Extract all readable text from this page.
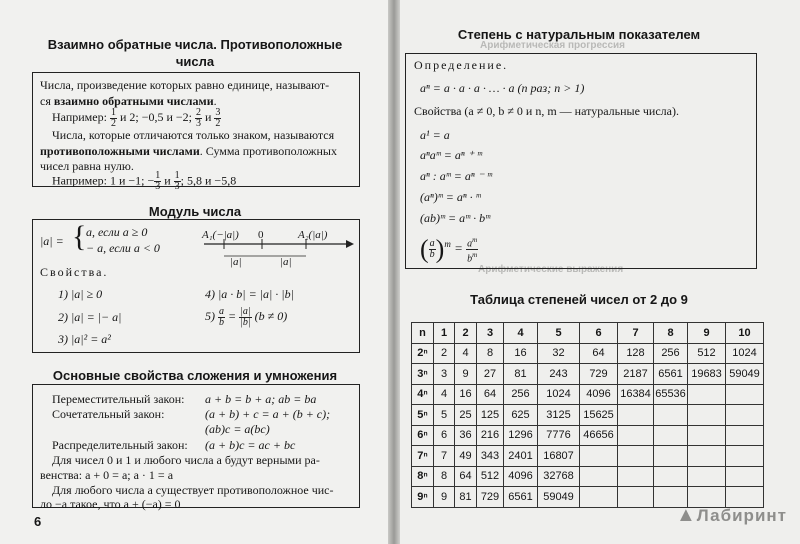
Взаимно обратные числа. Противоположные
числа
Числа, произведение которых равно единице, называют-
ся взаимно обратными числами.
Например: $\frac{1}{2}$ и 2; −0,5 и −2; $\frac{2}{3}$ и $\frac{3}{2}$
Числа, которые отличаются только знаком, называются
противоположными числами. Сумма противоположных
чисел равна нулю.
Например: 1 и −1; − $\frac{1}{3}$ и $\frac{1}{3}$ ; 5,8 и −5,8
Модуль числа
|a| = { a, если a ≥ 0
− a, если a < 0
A₁(−|a|) 0	A₂(|a|)
|a|	|a|
Свойства.
1) |a| ≥ 0
2) |a| = |− a|
3) |a|² = a²
4) |a · b| = |a| · |b|
$5) \frac{a}{b} = \frac{|a|}{|b|} (b \ne 0)$
Основные свойства сложения и умножения
Переместительный закон: a + b = b + a; ab = ba
Сочетательный закон:	(a + b) + c = a + (b + c);
(ab)c = a(bc)
Распределительный закон: (a + b)c = ac + bc
Для чисел 0 и 1 и любого числа a будут верными ра-
венства: a + 0 = a; a · 1 = a
Для любого числа a существует противоположное чис-
ло −a такое, что a + (−a) = 0
6
Арифметическая прогрессия
Арифметические выражения
Степень с натуральным показателем
Определение.
aⁿ = a · a · a · … · a (n раз; n > 1)
Свойства (a ≠ 0, b ≠ 0 и n, m — натуральные числа).
a¹ = a
aⁿaᵐ = aⁿ ⁺ ᵐ
aⁿ : aᵐ = aⁿ ⁻ ᵐ
(aⁿ)ᵐ = aⁿ · ᵐ
(ab)ᵐ = aᵐ · bᵐ
( $\frac{a}{b} )^m = \frac{a^m}{b^m}$
Таблица степеней чисел от 2 до 9
n	1	2	3	4	5	6	7	8	9	10
2ⁿ	2	4	8	16	32	64	128	256	512	1024
3ⁿ	3	9	27	81	243	729	2187	6561	19683	59049
4ⁿ	4	16	64	256	1024	4096	16384	65536		
5ⁿ	5	25	125	625	3125	15625				
6ⁿ	6	36	216	1296	7776	46656				
7ⁿ	7	49	343	2401	16807					
8ⁿ	8	64	512	4096	32768					
9ⁿ	9	81	729	6561	59049					
▲Лабиринт
